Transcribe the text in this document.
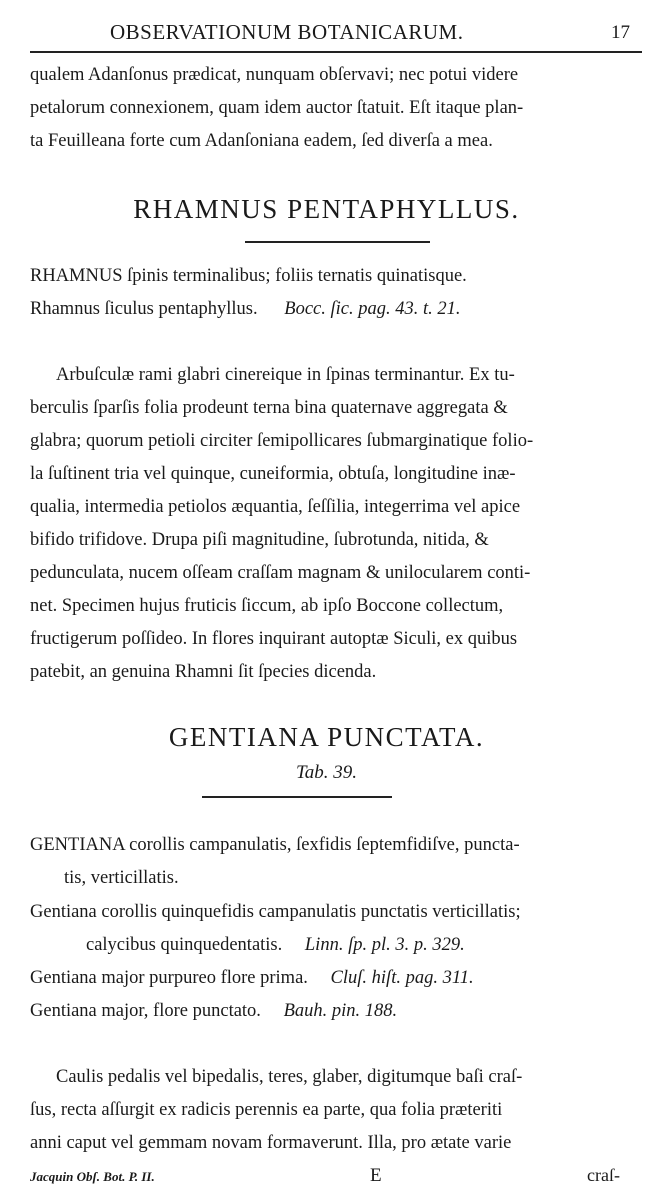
OBSERVATIONUM BOTANICARUM.	17
qualem Adanſonus prædicat, nunquam obſervavi; nec potui videre
petalorum connexionem, quam idem auctor ſtatuit. Eſt itaque plan-
ta Feuilleana forte cum Adanſoniana eadem, ſed diverſa a mea.
RHAMNUS PENTAPHYLLUS.
RHAMNUS ſpinis terminalibus; foliis ternatis quinatisque.
Rhamnus ſiculus pentaphyllus. Bocc. ſic. pag. 43. t. 21.
Arbuſculæ rami glabri cinereique in ſpinas terminantur. Ex tu-
berculis ſparſis folia prodeunt terna bina quaternave aggregata &
glabra; quorum petioli circiter ſemipollicares ſubmarginatique folio-
la ſuſtinent tria vel quinque, cuneiformia, obtuſa, longitudine inæ-
qualia, intermedia petiolos æquantia, ſeſſilia, integerrima vel apice
bifido trifidove. Drupa piſi magnitudine, ſubrotunda, nitida, &
pedunculata, nucem oſſeam craſſam magnam & unilocularem conti-
net. Specimen hujus fruticis ſiccum, ab ipſo Boccone collectum,
fructigerum poſſideo. In flores inquirant autoptæ Siculi, ex quibus
patebit, an genuina Rhamni ſit ſpecies dicenda.
GENTIANA PUNCTATA.
Tab. 39.
GENTIANA corollis campanulatis, ſexfidis ſeptemfidiſve, puncta-
tis, verticillatis.
Gentiana corollis quinquefidis campanulatis punctatis verticillatis;
calycibus quinquedentatis. Linn. ſp. pl. 3. p. 329.
Gentiana major purpureo flore prima. Cluſ. hiſt. pag. 311.
Gentiana major, flore punctato. Bauh. pin. 188.
Caulis pedalis vel bipedalis, teres, glaber, digitumque baſi craſ-
ſus, recta aſſurgit ex radicis perennis ea parte, qua folia præteriti
anni caput vel gemmam novam formaverunt. Illa, pro ætate varie
Jacquin Obſ. Bot. P. II.	E	craſ-
